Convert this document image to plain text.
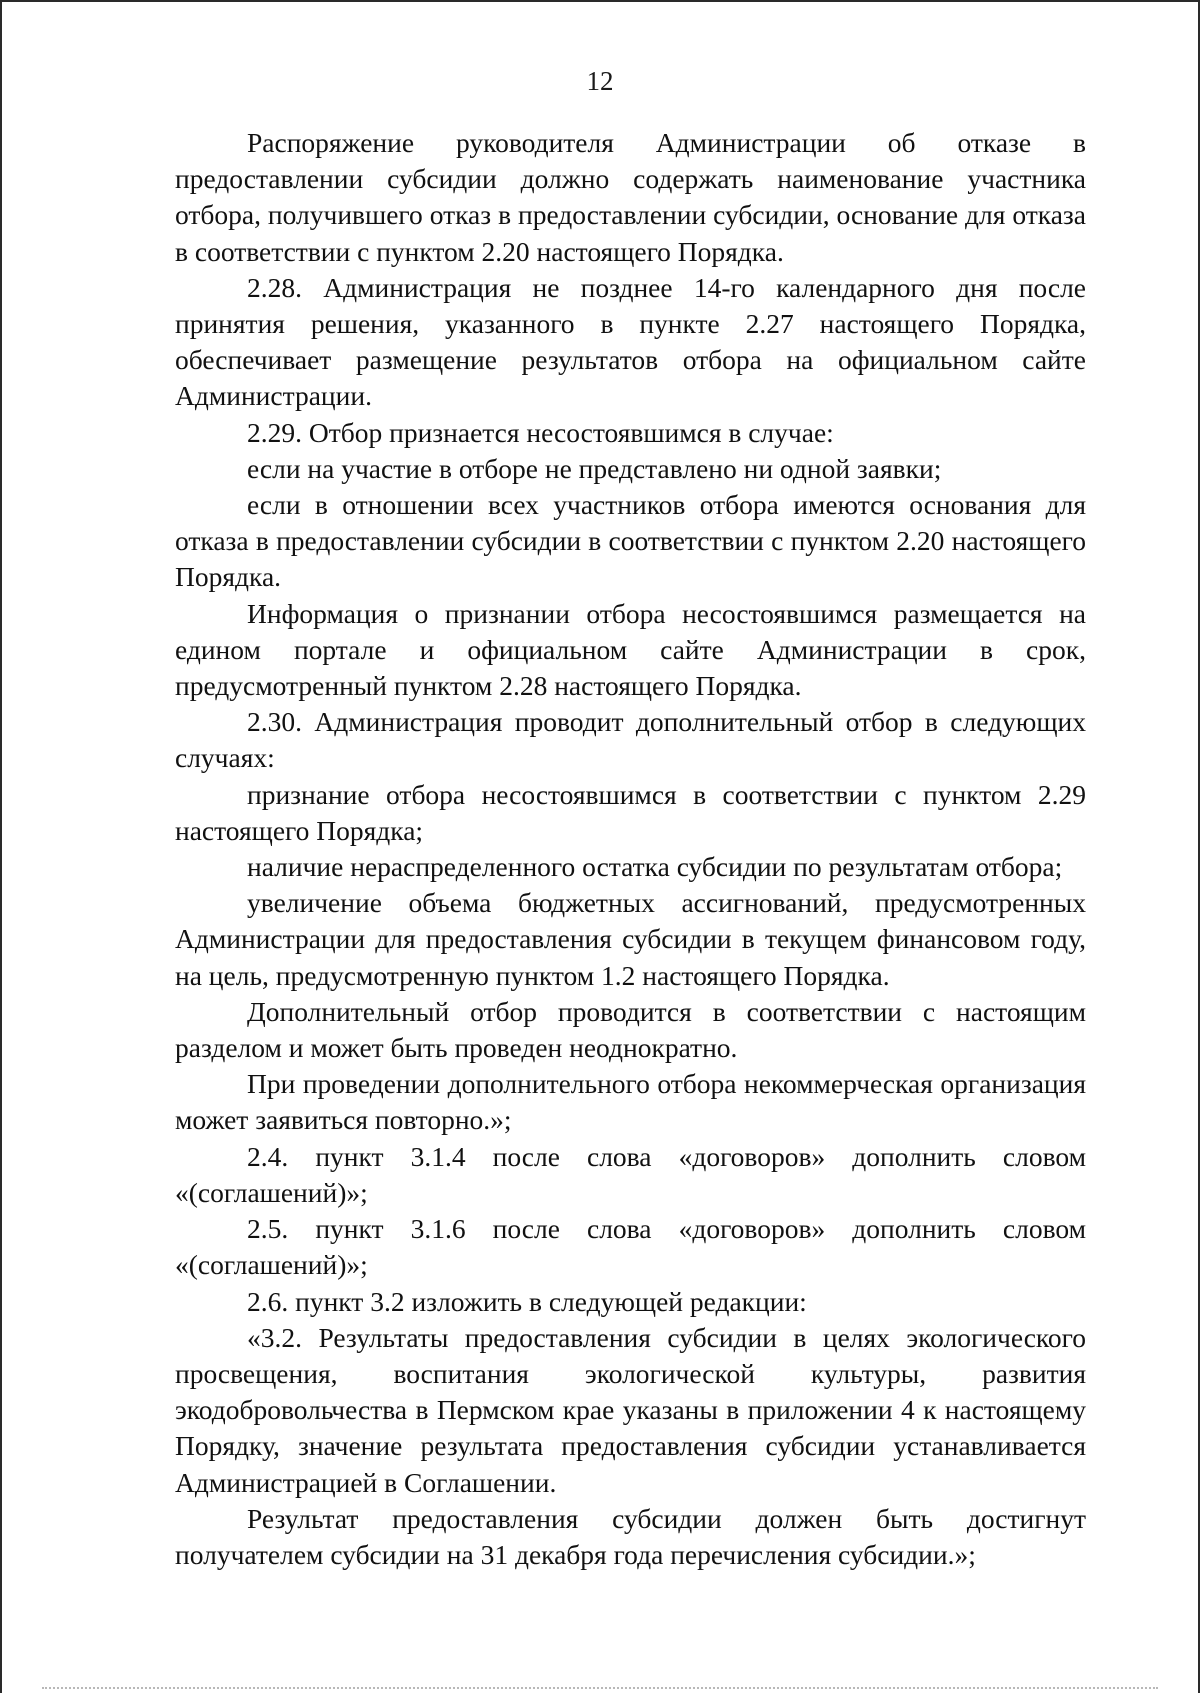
12

Распоряжение руководителя Администрации об отказе в предоставлении субсидии должно содержать наименование участника отбора, получившего отказ в предоставлении субсидии, основание для отказа в соответствии с пунктом 2.20 настоящего Порядка.

2.28. Администрация не позднее 14-го календарного дня после принятия решения, указанного в пункте 2.27 настоящего Порядка, обеспечивает размещение результатов отбора на официальном сайте Администрации.

2.29. Отбор признается несостоявшимся в случае:

если на участие в отборе не представлено ни одной заявки;

если в отношении всех участников отбора имеются основания для отказа в предоставлении субсидии в соответствии с пунктом 2.20 настоящего Порядка.

Информация о признании отбора несостоявшимся размещается на едином портале и официальном сайте Администрации в срок, предусмотренный пунктом 2.28 настоящего Порядка.

2.30. Администрация проводит дополнительный отбор в следующих случаях:

признание отбора несостоявшимся в соответствии с пунктом 2.29 настоящего Порядка;

наличие нераспределенного остатка субсидии по результатам отбора;

увеличение объема бюджетных ассигнований, предусмотренных Администрации для предоставления субсидии в текущем финансовом году, на цель, предусмотренную пунктом 1.2 настоящего Порядка.

Дополнительный отбор проводится в соответствии с настоящим разделом и может быть проведен неоднократно.

При проведении дополнительного отбора некоммерческая организация может заявиться повторно.»;

2.4. пункт 3.1.4 после слова «договоров» дополнить словом «(соглашений)»;

2.5. пункт 3.1.6 после слова «договоров» дополнить словом «(соглашений)»;

2.6. пункт 3.2 изложить в следующей редакции:

«3.2. Результаты предоставления субсидии в целях экологического просвещения, воспитания экологической культуры, развития экодобровольчества в Пермском крае указаны в приложении 4 к настоящему Порядку, значение результата предоставления субсидии устанавливается Администрацией в Соглашении.

Результат предоставления субсидии должен быть достигнут получателем субсидии на 31 декабря года перечисления субсидии.»;
